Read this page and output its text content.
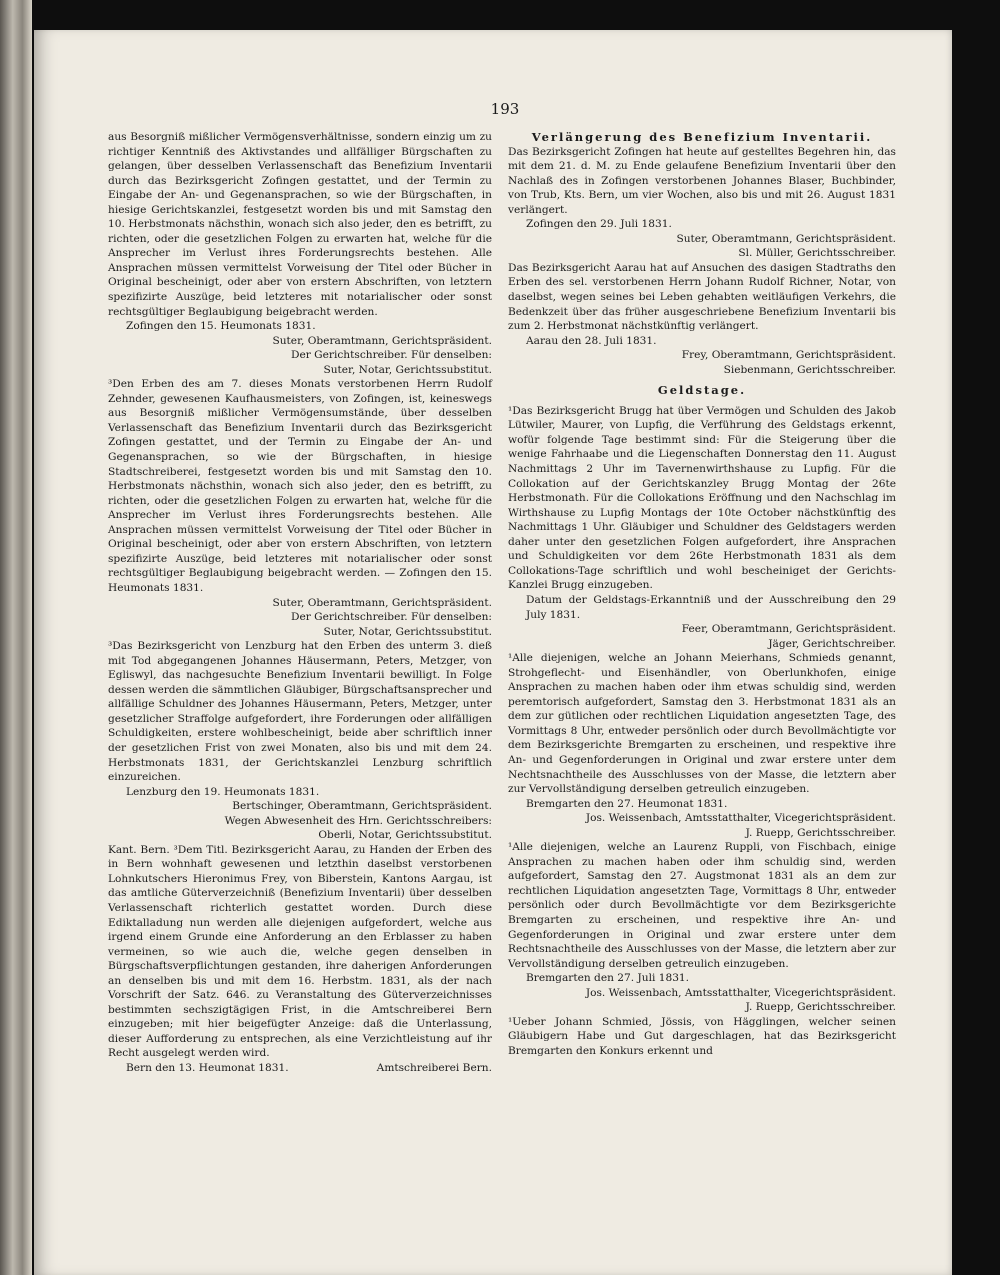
193

aus Besorgniß mißlicher Vermögensverhältnisse, sondern einzig um zu richtiger Kenntniß des Aktivstandes und allfälliger Bürgschaften zu gelangen, über desselben Verlassenschaft das Benefizium Inventarii durch das Bezirksgericht Zofingen gestattet, und der Termin zu Eingabe der An- und Gegenansprachen, so wie der Bürgschaften, in hiesige Gerichtskanzlei, festgesetzt worden bis und mit Samstag den 10. Herbstmonats nächsthin, wonach sich also jeder, den es betrifft, zu richten, oder die gesetzlichen Folgen zu erwarten hat, welche für die Ansprecher im Verlust ihres Forderungsrechts bestehen. Alle Ansprachen müssen vermittelst Vorweisung der Titel oder Bücher in Original bescheinigt, oder aber von erstern Abschriften, von letztern spezifizirte Auszüge, beid letzteres mit notarialischer oder sonst rechtsgültiger Beglaubigung beigebracht werden.

Zofingen den 15. Heumonats 1831.

Suter, Oberamtmann, Gerichtspräsident.

Der Gerichtschreiber. Für denselben:

Suter, Notar, Gerichtssubstitut.

³Den Erben des am 7. dieses Monats verstorbenen Herrn Rudolf Zehnder, gewesenen Kaufhausmeisters, von Zofingen, ist, keineswegs aus Besorgniß mißlicher Vermögensumstände, über desselben Verlassenschaft das Benefizium Inventarii durch das Bezirksgericht Zofingen gestattet, und der Termin zu Eingabe der An- und Gegenansprachen, so wie der Bürgschaften, in hiesige Stadtschreiberei, festgesetzt worden bis und mit Samstag den 10. Herbstmonats nächsthin, wonach sich also jeder, den es betrifft, zu richten, oder die gesetzlichen Folgen zu erwarten hat, welche für die Ansprecher im Verlust ihres Forderungsrechts bestehen. Alle Ansprachen müssen vermittelst Vorweisung der Titel oder Bücher in Original bescheinigt, oder aber von erstern Abschriften, von letztern spezifizirte Auszüge, beid letzteres mit notarialischer oder sonst rechtsgültiger Beglaubigung beigebracht werden. — Zofingen den 15. Heumonats 1831.

Suter, Oberamtmann, Gerichtspräsident.

Der Gerichtschreiber. Für denselben:

Suter, Notar, Gerichtssubstitut.

³Das Bezirksgericht von Lenzburg hat den Erben des unterm 3. dieß mit Tod abgegangenen Johannes Häusermann, Peters, Metzger, von Egliswyl, das nachgesuchte Benefizium Inventarii bewilligt. In Folge dessen werden die sämmtlichen Gläubiger, Bürgschaftsansprecher und allfällige Schuldner des Johannes Häusermann, Peters, Metzger, unter gesetzlicher Straffolge aufgefordert, ihre Forderungen oder allfälligen Schuldigkeiten, erstere wohlbescheinigt, beide aber schriftlich inner der gesetzlichen Frist von zwei Monaten, also bis und mit dem 24. Herbstmonats 1831, der Gerichtskanzlei Lenzburg schriftlich einzureichen.

Lenzburg den 19. Heumonats 1831.

Bertschinger, Oberamtmann, Gerichtspräsident.

Wegen Abwesenheit des Hrn. Gerichtsschreibers:

Oberli, Notar, Gerichtssubstitut.

Kant. Bern. ³Dem Titl. Bezirksgericht Aarau, zu Handen der Erben des in Bern wohnhaft gewesenen und letzthin daselbst verstorbenen Lohnkutschers Hieronimus Frey, von Biberstein, Kantons Aargau, ist das amtliche Güterverzeichniß (Benefizium Inventarii) über desselben Verlassenschaft richterlich gestattet worden. Durch diese Ediktalladung nun werden alle diejenigen aufgefordert, welche aus irgend einem Grunde eine Anforderung an den Erblasser zu haben vermeinen, so wie auch die, welche gegen denselben in Bürgschaftsverpflichtungen gestanden, ihre daherigen Anforderungen an denselben bis und mit dem 16. Herbstm. 1831, als der nach Vorschrift der Satz. 646. zu Veranstaltung des Güterverzeichnisses bestimmten sechszigtägigen Frist, in die Amtschreiberei Bern einzugeben; mit hier beigefügter Anzeige: daß die Unterlassung, dieser Aufforderung zu entsprechen, als eine Verzichtleistung auf ihr Recht ausgelegt werden wird.

Bern den 13. Heumonat 1831.	Amtschreiberei Bern.

Verlängerung des Benefizium Inventarii.

Das Bezirksgericht Zofingen hat heute auf gestelltes Begehren hin, das mit dem 21. d. M. zu Ende gelaufene Benefizium Inventarii über den Nachlaß des in Zofingen verstorbenen Johannes Blaser, Buchbinder, von Trub, Kts. Bern, um vier Wochen, also bis und mit 26. August 1831 verlängert.

Zofingen den 29. Juli 1831.

Suter, Oberamtmann, Gerichtspräsident.

Sl. Müller, Gerichtsschreiber.

Das Bezirksgericht Aarau hat auf Ansuchen des dasigen Stadtraths den Erben des sel. verstorbenen Herrn Johann Rudolf Richner, Notar, von daselbst, wegen seines bei Leben gehabten weitläufigen Verkehrs, die Bedenkzeit über das früher ausgeschriebene Benefizium Inventarii bis zum 2. Herbstmonat nächstkünftig verlängert.

Aarau den 28. Juli 1831.

Frey, Oberamtmann, Gerichtspräsident.

Siebenmann, Gerichtsschreiber.

Geldstage.

¹Das Bezirksgericht Brugg hat über Vermögen und Schulden des Jakob Lütwiler, Maurer, von Lupfig, die Verführung des Geldstags erkennt, wofür folgende Tage bestimmt sind: Für die Steigerung über die wenige Fahrhaabe und die Liegenschaften Donnerstag den 11. August Nachmittags 2 Uhr im Tavernenwirthshause zu Lupfig. Für die Collokation auf der Gerichtskanzley Brugg Montag der 26te Herbstmonath. Für die Collokations Eröffnung und den Nachschlag im Wirthshause zu Lupfig Montags der 10te October nächstkünftig des Nachmittags 1 Uhr. Gläubiger und Schuldner des Geldstagers werden daher unter den gesetzlichen Folgen aufgefordert, ihre Ansprachen und Schuldigkeiten vor dem 26te Herbstmonath 1831 als dem Collokations-Tage schriftlich und wohl bescheiniget der Gerichts-Kanzlei Brugg einzugeben.

Datum der Geldstags-Erkanntniß und der Ausschreibung den 29 July 1831.

Feer, Oberamtmann, Gerichtspräsident.

Jäger, Gerichtschreiber.

¹Alle diejenigen, welche an Johann Meierhans, Schmieds genannt, Strohgeflecht- und Eisenhändler, von Oberlunkhofen, einige Ansprachen zu machen haben oder ihm etwas schuldig sind, werden peremtorisch aufgefordert, Samstag den 3. Herbstmonat 1831 als an dem zur gütlichen oder rechtlichen Liquidation angesetzten Tage, des Vormittags 8 Uhr, entweder persönlich oder durch Bevollmächtigte vor dem Bezirksgerichte Bremgarten zu erscheinen, und respektive ihre An- und Gegenforderungen in Original und zwar erstere unter dem Nechtsnachtheile des Ausschlusses von der Masse, die letztern aber zur Vervollständigung derselben getreulich einzugeben.

Bremgarten den 27. Heumonat 1831.

Jos. Weissenbach, Amtsstatthalter, Vicegerichtspräsident.

J. Ruepp, Gerichtsschreiber.

¹Alle diejenigen, welche an Laurenz Ruppli, von Fischbach, einige Ansprachen zu machen haben oder ihm schuldig sind, werden aufgefordert, Samstag den 27. Augstmonat 1831 als an dem zur rechtlichen Liquidation angesetzten Tage, Vormittags 8 Uhr, entweder persönlich oder durch Bevollmächtigte vor dem Bezirksgerichte Bremgarten zu erscheinen, und respektive ihre An- und Gegenforderungen in Original und zwar erstere unter dem Rechtsnachtheile des Ausschlusses von der Masse, die letztern aber zur Vervollständigung derselben getreulich einzugeben.

Bremgarten den 27. Juli 1831.

Jos. Weissenbach, Amtsstatthalter, Vicegerichtspräsident.

J. Ruepp, Gerichtsschreiber.

¹Ueber Johann Schmied, Jössis, von Hägglingen, welcher seinen Gläubigern Habe und Gut dargeschlagen, hat das Bezirksgericht Bremgarten den Konkurs erkennt und
